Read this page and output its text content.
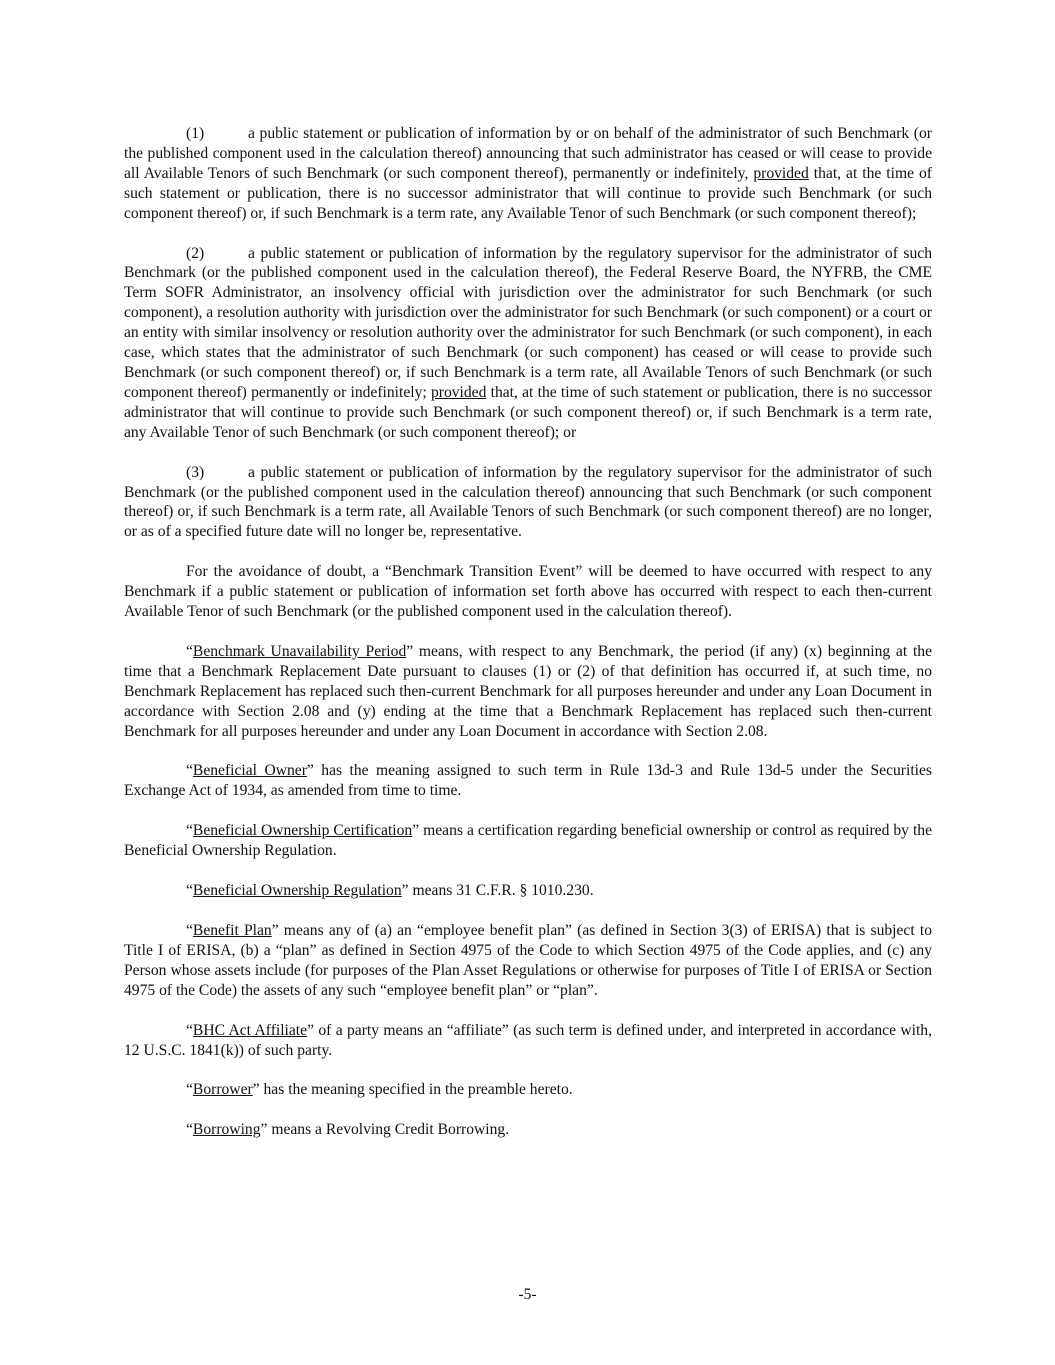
(1)	a public statement or publication of information by or on behalf of the administrator of such Benchmark (or the published component used in the calculation thereof) announcing that such administrator has ceased or will cease to provide all Available Tenors of such Benchmark (or such component thereof), permanently or indefinitely, provided that, at the time of such statement or publication, there is no successor administrator that will continue to provide such Benchmark (or such component thereof) or, if such Benchmark is a term rate, any Available Tenor of such Benchmark (or such component thereof);

(2)	a public statement or publication of information by the regulatory supervisor for the administrator of such Benchmark (or the published component used in the calculation thereof), the Federal Reserve Board, the NYFRB, the CME Term SOFR Administrator, an insolvency official with jurisdiction over the administrator for such Benchmark (or such component), a resolution authority with jurisdiction over the administrator for such Benchmark (or such component) or a court or an entity with similar insolvency or resolution authority over the administrator for such Benchmark (or such component), in each case, which states that the administrator of such Benchmark (or such component) has ceased or will cease to provide such Benchmark (or such component thereof) or, if such Benchmark is a term rate, all Available Tenors of such Benchmark (or such component thereof) permanently or indefinitely; provided that, at the time of such statement or publication, there is no successor administrator that will continue to provide such Benchmark (or such component thereof) or, if such Benchmark is a term rate, any Available Tenor of such Benchmark (or such component thereof); or

(3)	a public statement or publication of information by the regulatory supervisor for the administrator of such Benchmark (or the published component used in the calculation thereof) announcing that such Benchmark (or such component thereof) or, if such Benchmark is a term rate, all Available Tenors of such Benchmark (or such component thereof) are no longer, or as of a specified future date will no longer be, representative.

For the avoidance of doubt, a “Benchmark Transition Event” will be deemed to have occurred with respect to any Benchmark if a public statement or publication of information set forth above has occurred with respect to each then-current Available Tenor of such Benchmark (or the published component used in the calculation thereof).

“Benchmark Unavailability Period” means, with respect to any Benchmark, the period (if any) (x) beginning at the time that a Benchmark Replacement Date pursuant to clauses (1) or (2) of that definition has occurred if, at such time, no Benchmark Replacement has replaced such then-current Benchmark for all purposes hereunder and under any Loan Document in accordance with Section 2.08 and (y) ending at the time that a Benchmark Replacement has replaced such then-current Benchmark for all purposes hereunder and under any Loan Document in accordance with Section 2.08.

“Beneficial Owner” has the meaning assigned to such term in Rule 13d-3 and Rule 13d-5 under the Securities Exchange Act of 1934, as amended from time to time.

“Beneficial Ownership Certification” means a certification regarding beneficial ownership or control as required by the Beneficial Ownership Regulation.

“Beneficial Ownership Regulation” means 31 C.F.R. § 1010.230.

“Benefit Plan” means any of (a) an “employee benefit plan” (as defined in Section 3(3) of ERISA) that is subject to Title I of ERISA, (b) a “plan” as defined in Section 4975 of the Code to which Section 4975 of the Code applies, and (c) any Person whose assets include (for purposes of the Plan Asset Regulations or otherwise for purposes of Title I of ERISA or Section 4975 of the Code) the assets of any such “employee benefit plan” or “plan”.

“BHC Act Affiliate” of a party means an “affiliate” (as such term is defined under, and interpreted in accordance with, 12 U.S.C. 1841(k)) of such party.

“Borrower” has the meaning specified in the preamble hereto.

“Borrowing” means a Revolving Credit Borrowing.

-5-
